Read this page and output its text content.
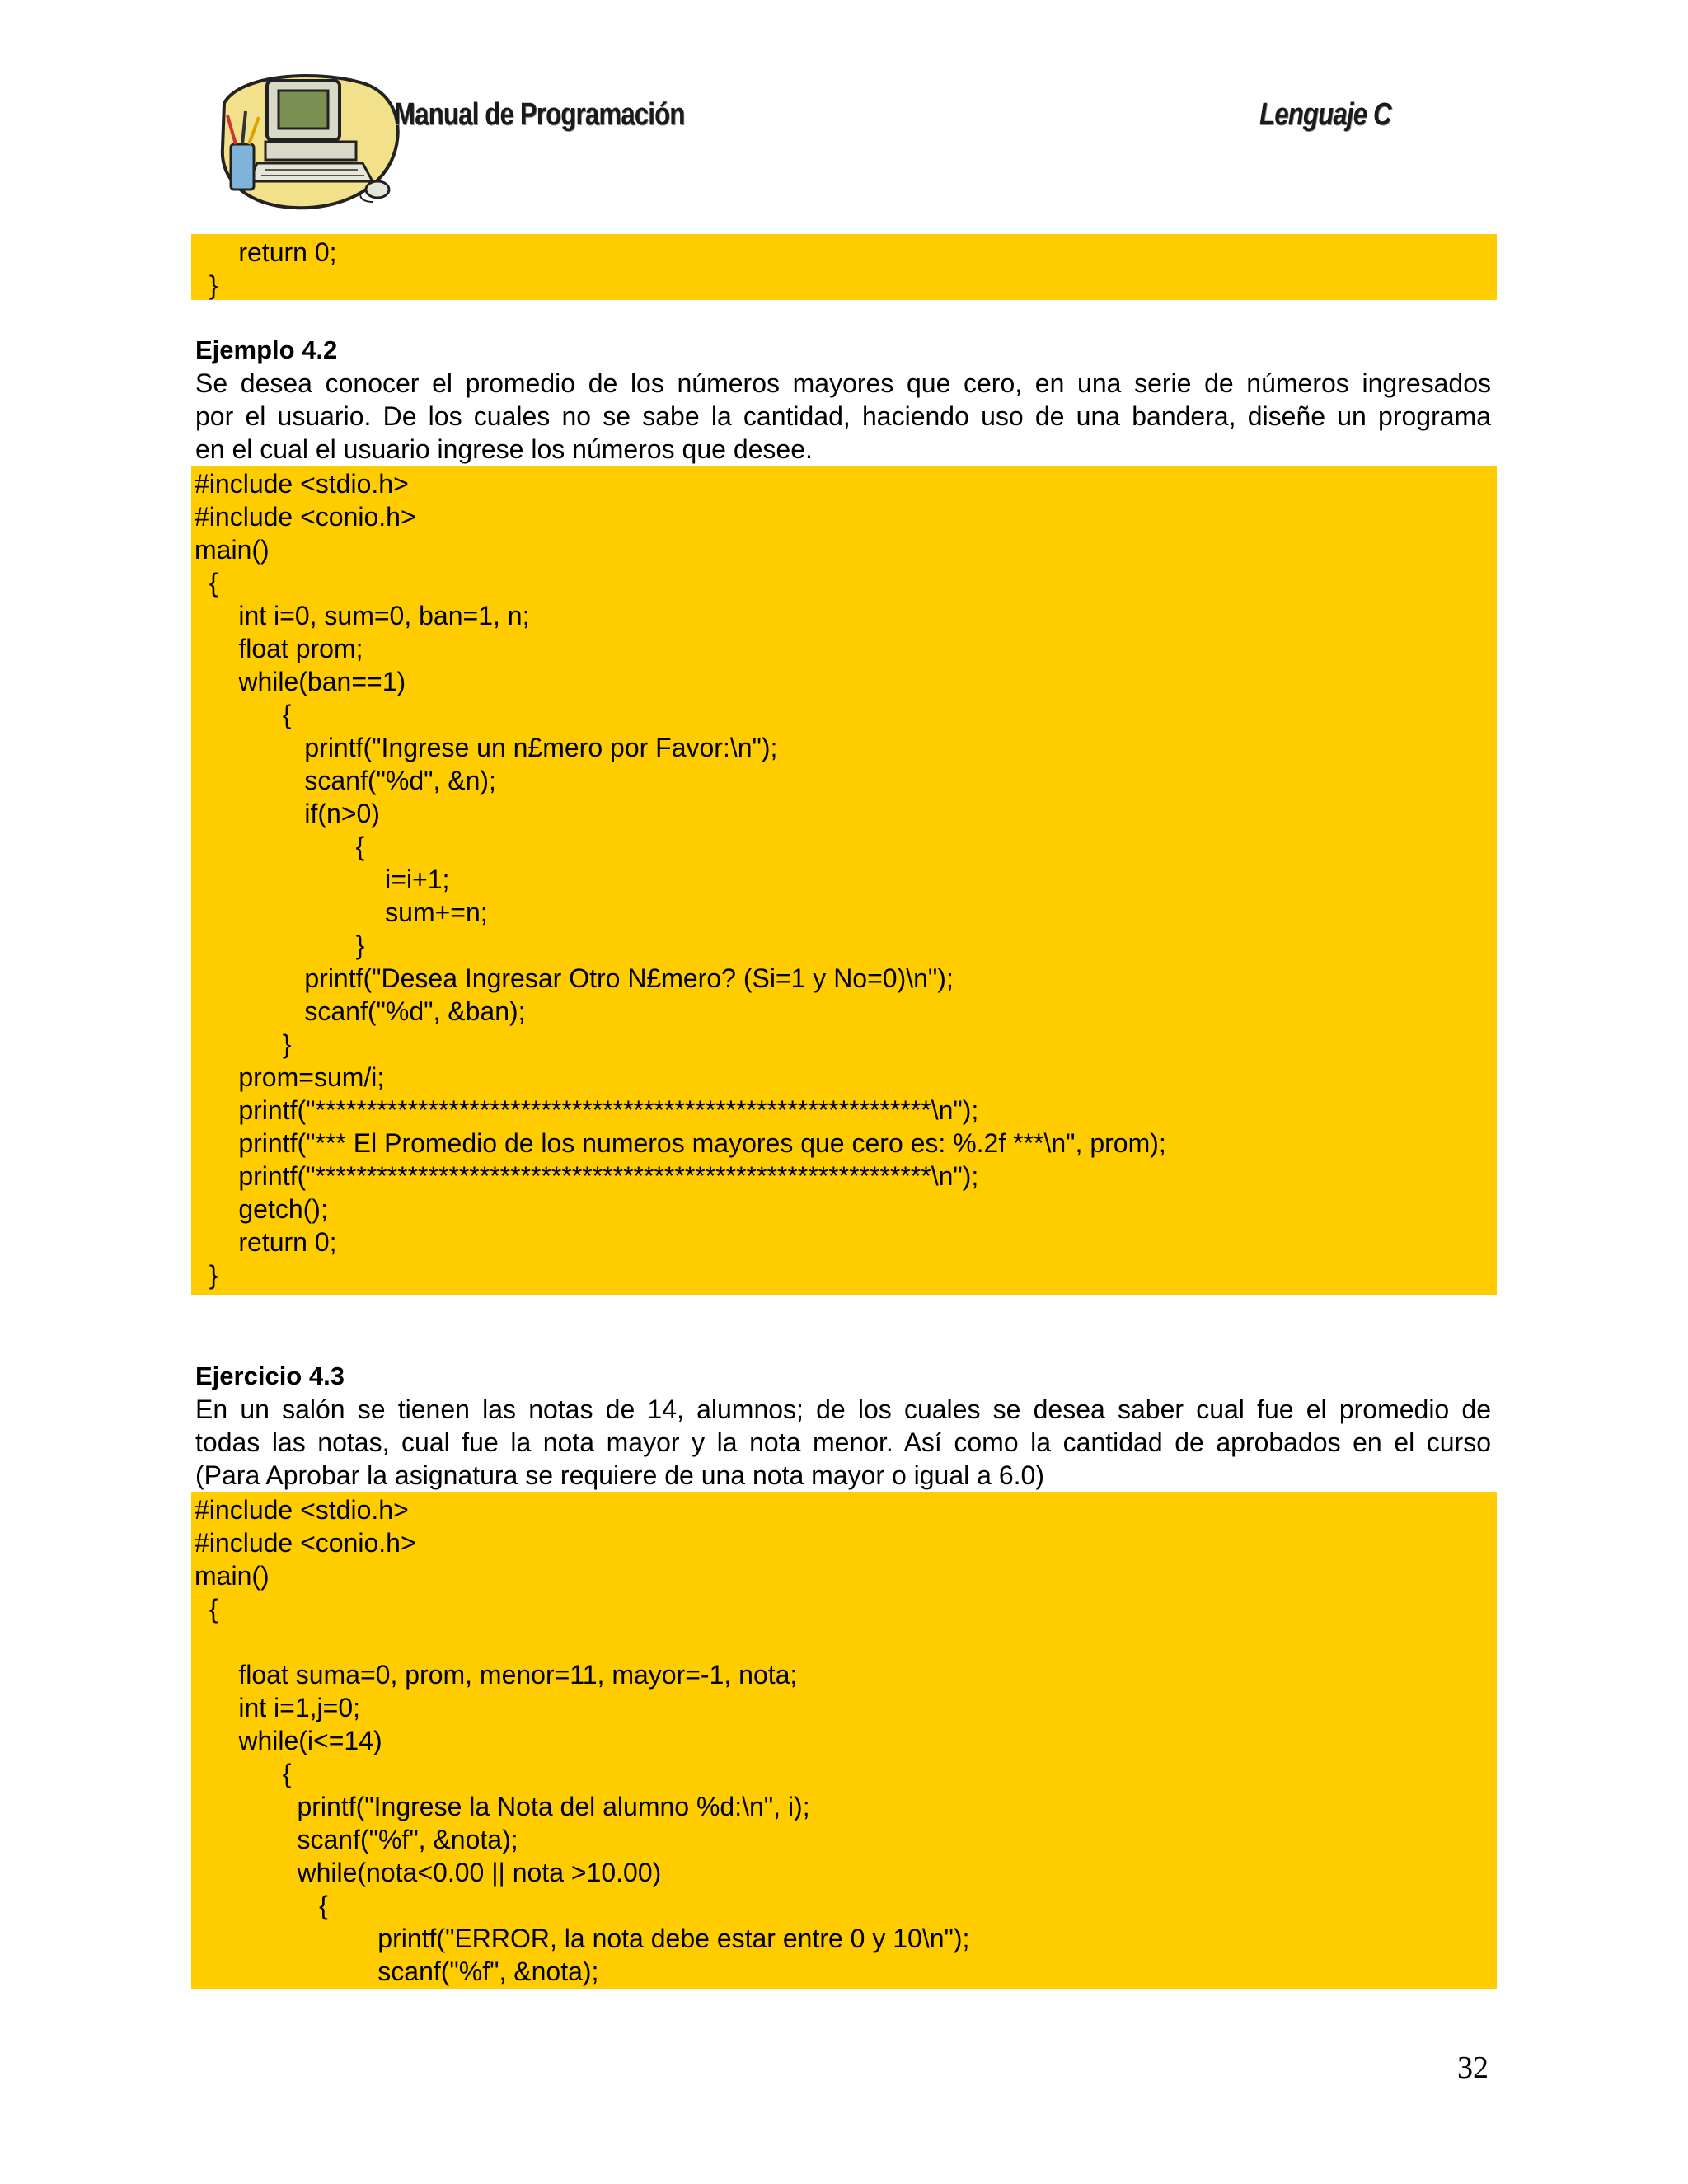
Manual de Programación	Lenguaje C
return 0;
}
Ejemplo 4.2
Se desea conocer el promedio de los números mayores que cero, en una serie de números ingresados
por el usuario. De los cuales no se sabe la cantidad, haciendo uso de una bandera, diseñe un programa
en el cual el usuario ingrese los números que desee.
#include <stdio.h>
#include <conio.h>
main()
{
int i=0, sum=0, ban=1, n;
float prom;
while(ban==1)
{
printf("Ingrese un n£mero por Favor:\n");
scanf("%d", &n);
if(n>0)
{
i=i+1;
sum+=n;
}
printf("Desea Ingresar Otro N£mero? (Si=1 y No=0)\n");
scanf("%d", &ban);
}
prom=sum/i;
printf("************************************************************\n");
printf("*** El Promedio de los numeros mayores que cero es: %.2f ***\n", prom);
printf("************************************************************\n");
getch();
return 0;
}
Ejercicio 4.3
En un salón se tienen las notas de 14, alumnos; de los cuales se desea saber cual fue el promedio de
todas las notas, cual fue la nota mayor y la nota menor. Así como la cantidad de aprobados en el curso
(Para Aprobar la asignatura se requiere de una nota mayor o igual a 6.0)
#include <stdio.h>
#include <conio.h>
main()
{
float suma=0, prom, menor=11, mayor=-1, nota;
int i=1,j=0;
while(i<=14)
{
printf("Ingrese la Nota del alumno %d:\n", i);
scanf("%f", &nota);
while(nota<0.00 || nota >10.00)
{
printf("ERROR, la nota debe estar entre 0 y 10\n");
scanf("%f", &nota);
32
